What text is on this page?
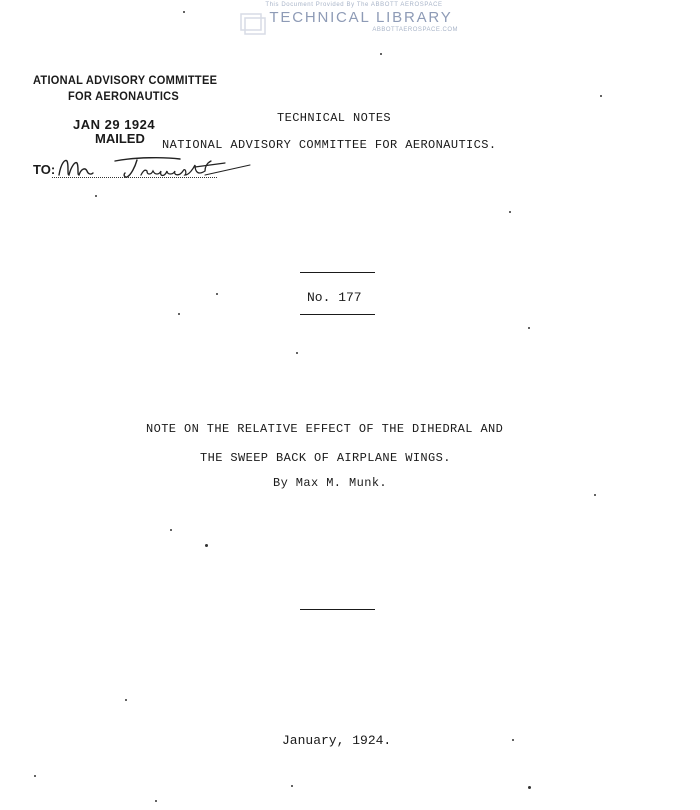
This Document Provided By The ABBOTT AEROSPACE
TECHNICAL LIBRARY
ABBOTTAEROSPACE.COM
ATIONAL ADVISORY COMMITTEE
FOR AERONAUTICS
JAN 29 1924
MAILED
TECHNICAL NOTES
NATIONAL ADVISORY COMMITTEE FOR AERONAUTICS.
TO:
No. 177
NOTE ON THE RELATIVE EFFECT OF THE DIHEDRAL AND
THE SWEEP BACK OF AIRPLANE WINGS.
By Max M. Munk.
January, 1924.
